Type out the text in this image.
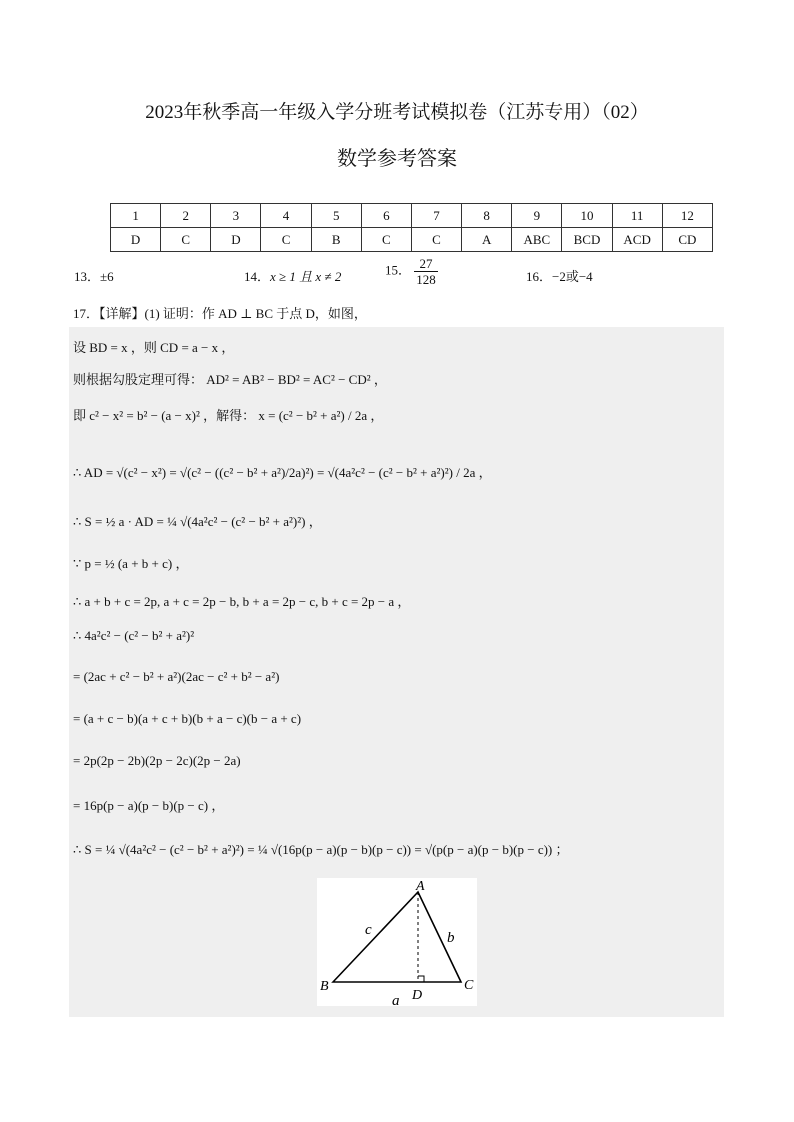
2023年秋季高一年级入学分班考试模拟卷（江苏专用）（02）
数学参考答案
1	2	3	4	5	6	7	8	9	10	11	12
D	C	D	C	B	C	C	A	ABC	BCD	ACD	CD
13．±6	14．x ≥ 1 且 x ≠ 2	15． $\frac{27}{128}$	16．−2或−4
17．【详解】(1) 证明：作 AD ⊥ BC 于点 D，如图，
设 BD = x ，则 CD = a − x ，
则根据勾股定理可得： AD² = AB² − BD² = AC² − CD² ，
即 c² − x² = b² − (a − x)² ，解得： x = (c² − b² + a²) / 2a ，
∴ AD = √(c² − x²) = √(c² − ((c² − b² + a²)/2a)²) = √(4a²c² − (c² − b² + a²)²) / 2a ，
∴ S = ½ a · AD = ¼ √(4a²c² − (c² − b² + a²)²) ，
∵ p = ½ (a + b + c) ，
∴ a + b + c = 2p, a + c = 2p − b, b + a = 2p − c, b + c = 2p − a ，
∴ 4a²c² − (c² − b² + a²)²
= (2ac + c² − b² + a²)(2ac − c² + b² − a²)
= (a + c − b)(a + c + b)(b + a − c)(b − a + c)
= 2p(2p − 2b)(2p − 2c)(2p − 2a)
= 16p(p − a)(p − b)(p − c) ，
∴ S = ¼ √(4a²c² − (c² − b² + a²)²) = ¼ √(16p(p − a)(p − b)(p − c)) = √(p(p − a)(p − b)(p − c)) ；
A
B	C
D
a
b
c
